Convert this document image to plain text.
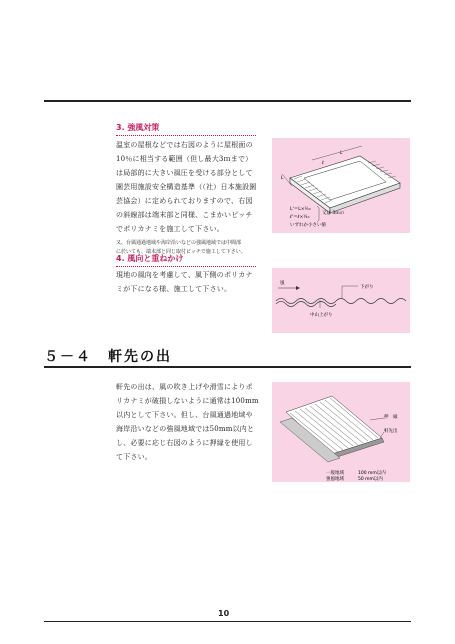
3. 強風対策
温室の屋根などでは右図のように屋根面の
10％に相当する範囲（但し最大3ｍまで）
は局部的に大きい風圧を受ける部分として
園芸用施設安全構造基準（（社）日本施設園
芸協会）に定められておりますので、右図
の斜線部は端末部と同様、こまかいピッチ
でポリカナミを施工して下さい。
又、台風通過地域や海岸沿いなどの強風地域では中間部
に於いても、端末部と同じ取付ピッチで施工して下さい。
L
ℓ
L
L'＝L×⅒
ℓ'＝ℓ×⅒
又は 3ｍの
いずれか小さい値
4. 風向と重ねかけ
現地の風向を考慮して、風下側のポリカナ
ミが下になる様、施工して下さい。
風
下がり
中山上がり
５－４　軒先の出
軒先の出は、風の吹き上げや滑雪によりポ
リカナミが破損しないように通常は100mm
以内として下さい。但し、台風通過地域や
海岸沿いなどの強風地域では50mm以内と
し、必要に応じ右図のように押縁を使用し
て下さい。
押　縁
軒先出
一般地域	100 mm以内
強風地域	50 mm以内
10
